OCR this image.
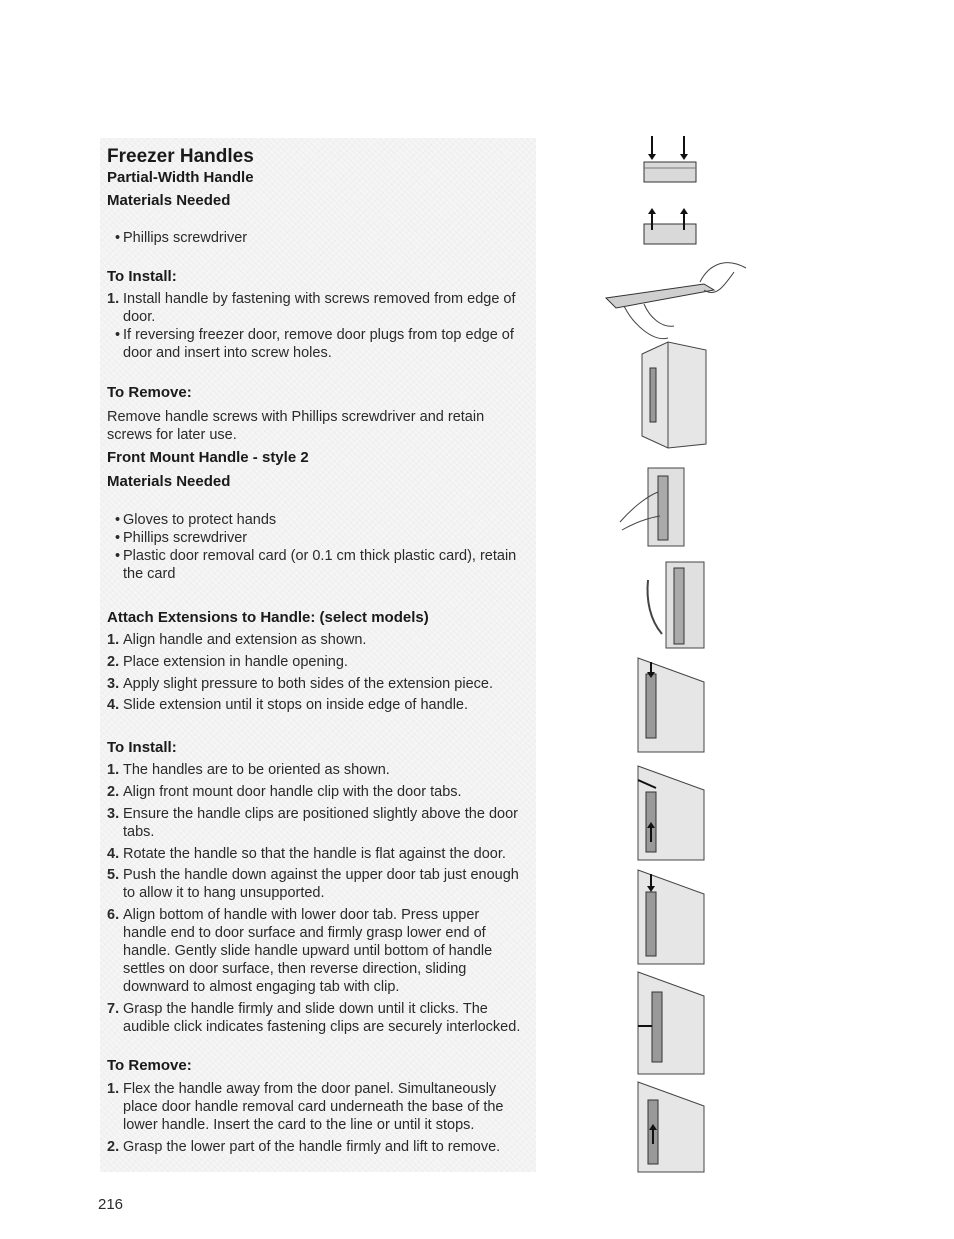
Freezer Handles
Partial-Width Handle
Materials Needed
• Phillips screwdriver
To Install:
1. Install handle by fastening with screws removed from edge of door.
• If reversing freezer door, remove door plugs from top edge of door and insert into screw holes.
To Remove:
Remove handle screws with Phillips screwdriver and retain screws for later use.
Front Mount Handle - style 2
Materials Needed
• Gloves to protect hands
• Phillips screwdriver
• Plastic door removal card (or 0.1 cm thick plastic card), retain the card
Attach Extensions to Handle: (select models)
1. Align handle and extension as shown.
2. Place extension in handle opening.
3. Apply slight pressure to both sides of the extension piece.
4. Slide extension until it stops on inside edge of handle.
To Install:
1. The handles are to be oriented as shown.
2. Align front mount door handle clip with the door tabs.
3. Ensure the handle clips are positioned slightly above the door tabs.
4. Rotate the handle so that the handle is flat against the door.
5. Push the handle down against the upper door tab just enough to allow it to hang unsupported.
6. Align bottom of handle with lower door tab. Press upper handle end to door surface and firmly grasp lower end of handle. Gently slide handle upward until bottom of handle settles on door surface, then reverse direction, sliding downward to almost engaging tab with clip.
7. Grasp the handle firmly and slide down until it clicks. The audible click indicates fastening clips are securely interlocked.
To Remove:
1. Flex the handle away from the door panel. Simultaneously place door handle removal card underneath the base of the lower handle. Insert the card to the line or until it stops.
2. Grasp the lower part of the handle firmly and lift to remove.
216
